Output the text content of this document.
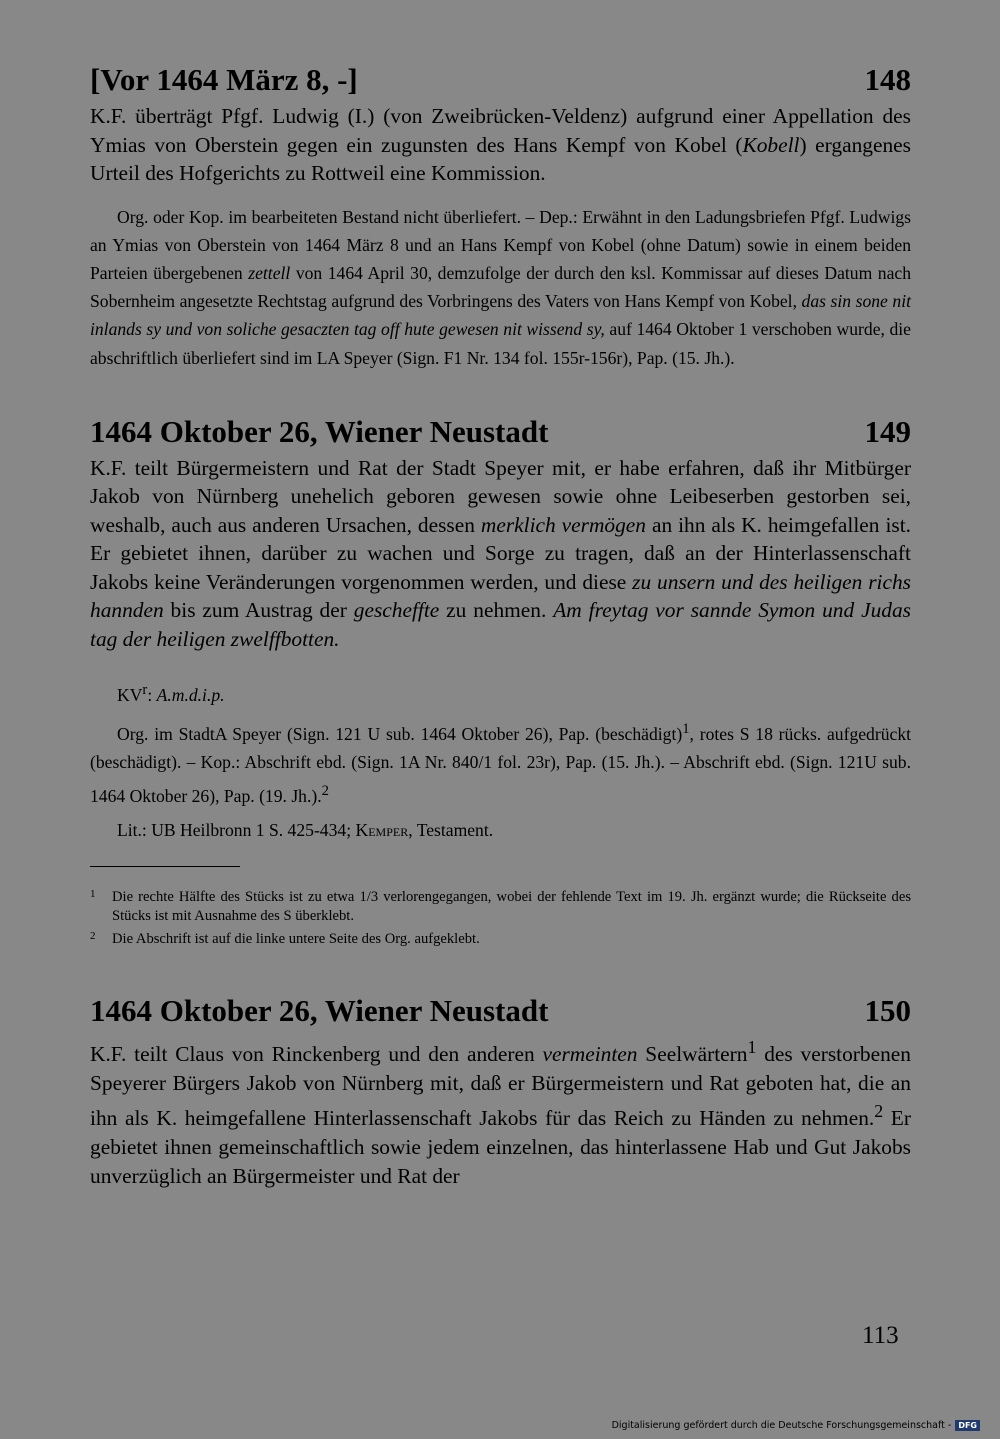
[Vor 1464 März 8, -]	148

K.F. überträgt Pfgf. Ludwig (I.) (von Zweibrücken-Veldenz) aufgrund einer Appellation des Ymias von Oberstein gegen ein zugunsten des Hans Kempf von Kobel (Kobell) ergangenes Urteil des Hofgerichts zu Rottweil eine Kommission.

Org. oder Kop. im bearbeiteten Bestand nicht überliefert. – Dep.: Erwähnt in den Ladungsbriefen Pfgf. Ludwigs an Ymias von Oberstein von 1464 März 8 und an Hans Kempf von Kobel (ohne Datum) sowie in einem beiden Parteien übergebenen zettell von 1464 April 30, demzufolge der durch den ksl. Kommissar auf dieses Datum nach Sobernheim angesetzte Rechtstag aufgrund des Vorbringens des Vaters von Hans Kempf von Kobel, das sin sone nit inlands sy und von soliche gesaczten tag off hute gewesen nit wissend sy, auf 1464 Oktober 1 verschoben wurde, die abschriftlich überliefert sind im LA Speyer (Sign. F1 Nr. 134 fol. 155r-156r), Pap. (15. Jh.).

1464 Oktober 26, Wiener Neustadt	149

K.F. teilt Bürgermeistern und Rat der Stadt Speyer mit, er habe erfahren, daß ihr Mitbürger Jakob von Nürnberg unehelich geboren gewesen sowie ohne Leibeserben gestorben sei, weshalb, auch aus anderen Ursachen, dessen merklich vermögen an ihn als K. heimgefallen ist. Er gebietet ihnen, darüber zu wachen und Sorge zu tragen, daß an der Hinterlassenschaft Jakobs keine Veränderungen vorgenommen werden, und diese zu unsern und des heiligen richs hannden bis zum Austrag der gescheffte zu nehmen. Am freytag vor sannde Symon und Judas tag der heiligen zwelffbotten.

$KV^r$: A.m.d.i.p.

Org. im StadtA Speyer (Sign. 121 U sub. 1464 Oktober 26), Pap. (beschädigt)$^1$, rotes S 18 rücks. aufgedrückt (beschädigt). – Kop.: Abschrift ebd. (Sign. 1A Nr. 840/1 fol. 23r), Pap. (15. Jh.). – Abschrift ebd. (Sign. 121U sub. 1464 Oktober 26), Pap. (19. Jh.).$^2$

Lit.: UB Heilbronn 1 S. 425-434; Kemper, Testament.

1 Die rechte Hälfte des Stücks ist zu etwa 1/3 verlorengegangen, wobei der fehlende Text im 19. Jh. ergänzt wurde; die Rückseite des Stücks ist mit Ausnahme des S überklebt.

2 Die Abschrift ist auf die linke untere Seite des Org. aufgeklebt.

1464 Oktober 26, Wiener Neustadt	150

K.F. teilt Claus von Rinckenberg und den anderen vermeinten Seelwärtern$^1$ des verstorbenen Speyerer Bürgers Jakob von Nürnberg mit, daß er Bürgermeistern und Rat geboten hat, die an ihn als K. heimgefallene Hinterlassenschaft Jakobs für das Reich zu Händen zu nehmen.$^2$ Er gebietet ihnen gemeinschaftlich sowie jedem einzelnen, das hinterlassene Hab und Gut Jakobs unverzüglich an Bürgermeister und Rat der

113
Digitalisierung gefördert durch die Deutsche Forschungsgemeinschaft - DFG
